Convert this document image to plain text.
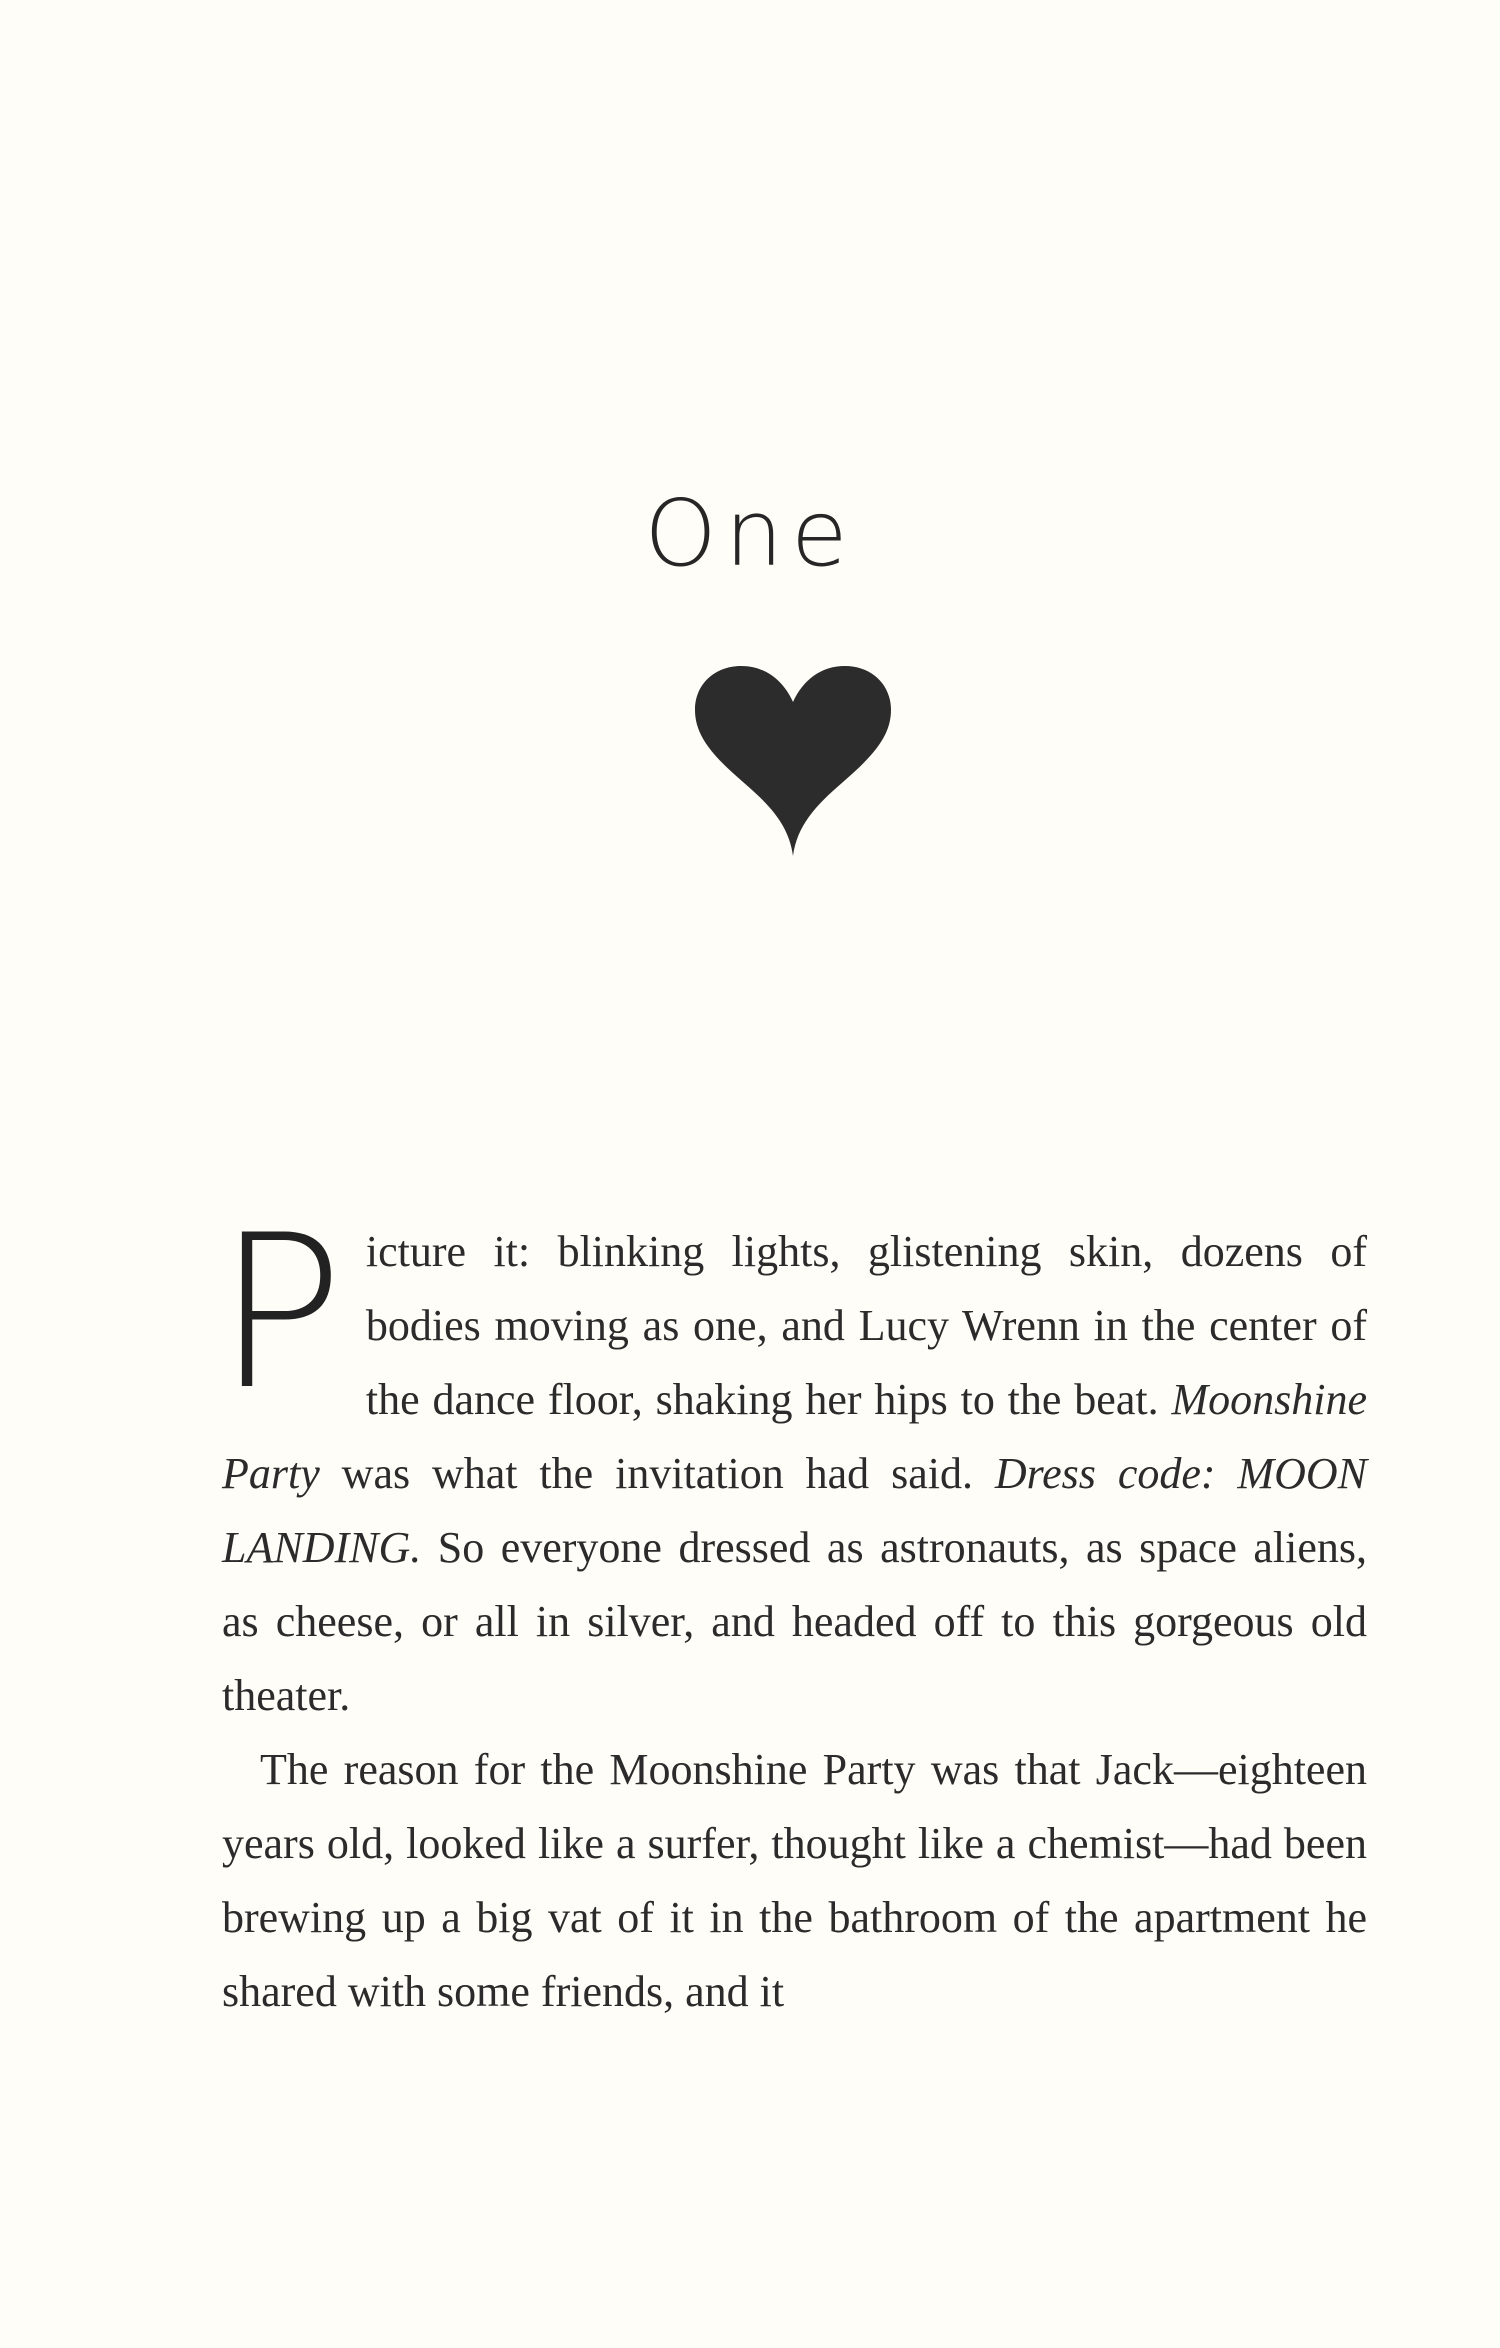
One

Picture it: blinking lights, glistening skin, dozens of bodies moving as one, and Lucy Wrenn in the center of the dance floor, shaking her hips to the beat. Moonshine Party was what the invitation had said. Dress code: MOON LANDING. So everyone dressed as astronauts, as space aliens, as cheese, or all in silver, and headed off to this gorgeous old theater.

The reason for the Moonshine Party was that Jack—eighteen years old, looked like a surfer, thought like a chemist—had been brewing up a big vat of it in the bathroom of the apartment he shared with some friends, and it
